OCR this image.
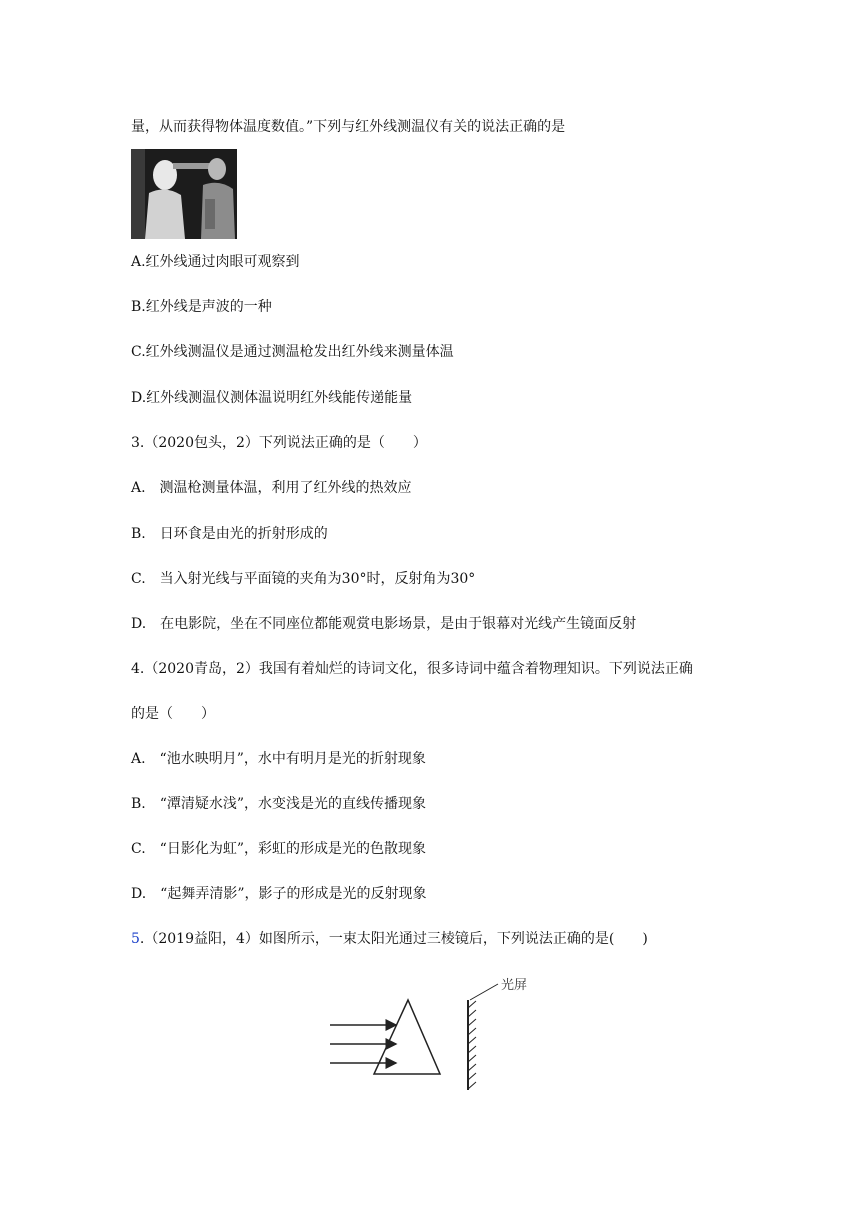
量，从而获得物体温度数值。”下列与红外线测温仪有关的说法正确的是
A.红外线通过肉眼可观察到
B.红外线是声波的一种
C.红外线测温仪是通过测温枪发出红外线来测量体温
D.红外线测温仪测体温说明红外线能传递能量
3.（2020包头，2）下列说法正确的是（　　）
A.　测温枪测量体温，利用了红外线的热效应
B.　日环食是由光的折射形成的
C.　当入射光线与平面镜的夹角为30°时，反射角为30°
D.　在电影院，坐在不同座位都能观赏电影场景，是由于银幕对光线产生镜面反射
4.（2020青岛，2）我国有着灿烂的诗词文化，很多诗词中蕴含着物理知识。下列说法正确
的是（　　）
A.　“池水映明月”，水中有明月是光的折射现象
B.　“潭清疑水浅”，水变浅是光的直线传播现象
C.　“日影化为虹”，彩虹的形成是光的色散现象
D.　“起舞弄清影”，影子的形成是光的反射现象
5.（2019益阳，4）如图所示，一束太阳光通过三棱镜后，下列说法正确的是(　　)
光屏
